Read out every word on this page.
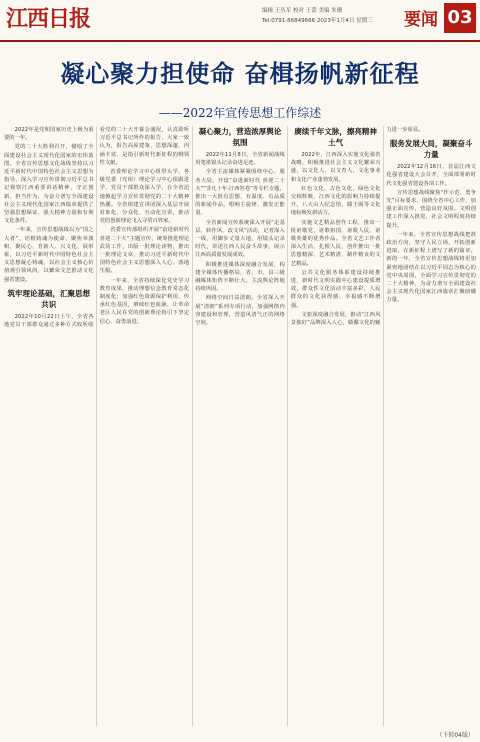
江西日报	编辑 王丛军 校对 王蕾 美编 朱珊
Tel:0791-86849666 2023年1月4日 星期三	要闻 03
凝心聚力担使命 奋楫扬帆新征程
——2022年宣传思想工作综述

2022年是党和国家历史上极为重要的一年。

党的二十大胜利召开，描绘了全面建设社会主义现代化国家的宏伟蓝图。全省宣传思想文化战线坚持以习近平新时代中国特色社会主义思想为指导，深入学习宣传贯彻习近平总书记视察江西重要讲话精神，守正创新、担当作为，为奋力谱写全面建设社会主义现代化国家江西篇章提供了坚强思想保证、强大精神力量和有利文化条件。

一年来，宣传思想战线以为“国之大者”、培根铸魂为使命，聚焦举旗帜、聚民心、育新人、兴文化、展形象，以习近平新时代中国特色社会主义思想凝心铸魂，以社会主义核心价值观引领风尚，以繁荣文艺推动文化强省建设。

筑牢理论基础，汇聚思想共识

2022年10月22日上午，全省各地党员干部群众通过多种方式收听收看党的二十大开幕会盛况，认真聆听习近平总书记所作的报告，大家一致认为，报告高屋建瓴、思想深邃、内涵丰富，是指引新时代新征程的纲领性文献。

省委理论学习中心组带头学，各级党委（党组）理论学习中心组跟进学，党员干部群众深入学，在全省迅速掀起学习宣传贯彻党的二十大精神热潮。全省组建宣讲团深入基层开展对象化、分众化、互动化宣讲，推动党的创新理论飞入寻常百姓家。

省委宣传部组织开展“奋进新时代 喜迎二十大”主题宣传，统筹推进理论武装工作，出版一批理论读物，推出一批理论文章，推动习近平新时代中国特色社会主义思想深入人心、落地生根。

一年来，全省持续深化党史学习教育成果，推动理想信念教育常态化制度化；加强红色资源保护利用，传承红色基因，赓续红色血脉，让革命老区人民在党的创新理论指引下坚定信心、奋勇前进。

凝心聚力，营造浓厚舆论氛围

2022年11月8日，全省新闻战线用笔墨镜头记录奋进足迹。

全省主流媒体紧紧围绕中心、服务大局，开设“奋进新时代 喜迎二十大”“非凡十年·江西答卷”等专栏专题，推出一大批有思想、有温度、有品质的新闻作品，唱响主旋律、激发正能量。

全省新闻宣传系统深入开展“走基层、转作风、改文风”活动，记者深入一线，用脚步丈量大地，用镜头记录时代，讲述江西人民奋斗故事，展示江西高质量发展成效。

积极推进媒体深度融合发展，构建全媒体传播格局，省、市、县三级融媒体矩阵不断壮大，主流舆论阵地持续巩固。

网络空间日益清朗。全省深入开展“清朗”系列专项行动，加强网络内容建设和管理，营造风清气正的网络空间。

赓续千年文脉，擦亮精神土气

2022年，江西深入实施文化强省战略，积极推进社会主义文化繁荣兴盛，以文化人、以文育人，文化事业和文化产业蓬勃发展。

红色文化、古色文化、绿色文化交相辉映，江西文化的影响力持续提升。八大山人纪念馆、滕王阁等文化地标焕发新活力。

实施文艺精品创作工程，推出一批讴歌党、讴歌祖国、讴歌人民、讴歌英雄的优秀作品。全省文艺工作者深入生活、扎根人民，创作推出一批思想精深、艺术精湛、制作精良的文艺精品。

公共文化服务体系建设持续推进，新时代文明实践中心建设提质增效，群众性文化活动丰富多彩，人民群众的文化获得感、幸福感不断增强。

文旅深度融合发展，推动“江西风景独好”品牌深入人心，赣鄱文化的魅力进一步彰显。

服务发展大局，凝聚奋斗力量

2022年12月16日，首届江西文化强省建设大会召开，全面部署新时代文化强省建设各项工作。

宣传思想战线聚焦“作示范、勇争先”目标要求，围绕全省中心工作，加强正面宣传，营造良好氛围。文明创建工作深入推进，社会文明程度持续提升。

一年来，全省宣传思想战线把准政治方向，坚守人民立场，开拓创新进取，在新征程上谱写了新的篇章。新的一年，全省宣传思想战线将更加紧密地团结在以习近平同志为核心的党中央周围，全面学习宣传贯彻党的二十大精神，为奋力谱写全面建设社会主义现代化国家江西篇章汇聚磅礴力量。

（下转04版）
